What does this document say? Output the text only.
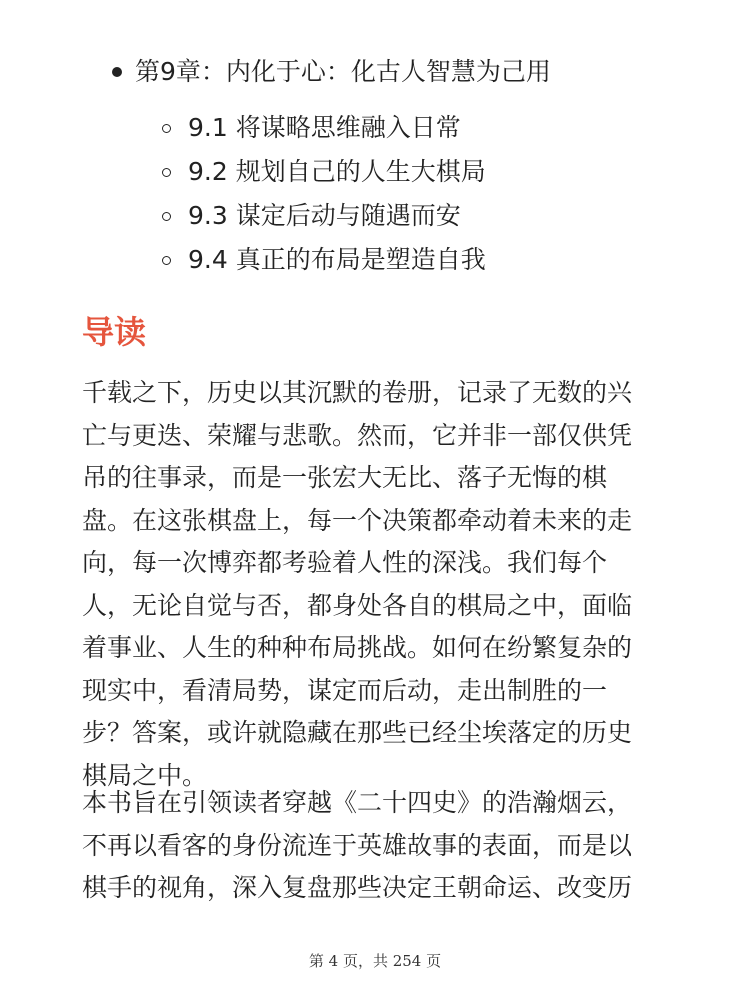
第9章：内化于心：化古人智慧为己用
9.1 将谋略思维融入日常
9.2 规划自己的人生大棋局
9.3 谋定后动与随遇而安
9.4 真正的布局是塑造自我
导读

千载之下，历史以其沉默的卷册，记录了无数的兴
亡与更迭、荣耀与悲歌。然而，它并非一部仅供凭
吊的往事录，而是一张宏大无比、落子无悔的棋
盘。在这张棋盘上，每一个决策都牵动着未来的走
向，每一次博弈都考验着人性的深浅。我们每个
人，无论自觉与否，都身处各自的棋局之中，面临
着事业、人生的种种布局挑战。如何在纷繁复杂的
现实中，看清局势，谋定而后动，走出制胜的一
步？答案，或许就隐藏在那些已经尘埃落定的历史
棋局之中。

本书旨在引领读者穿越《二十四史》的浩瀚烟云，
不再以看客的身份流连于英雄故事的表面，而是以
棋手的视角，深入复盘那些决定王朝命运、改变历

第 4 页，共 254 页
